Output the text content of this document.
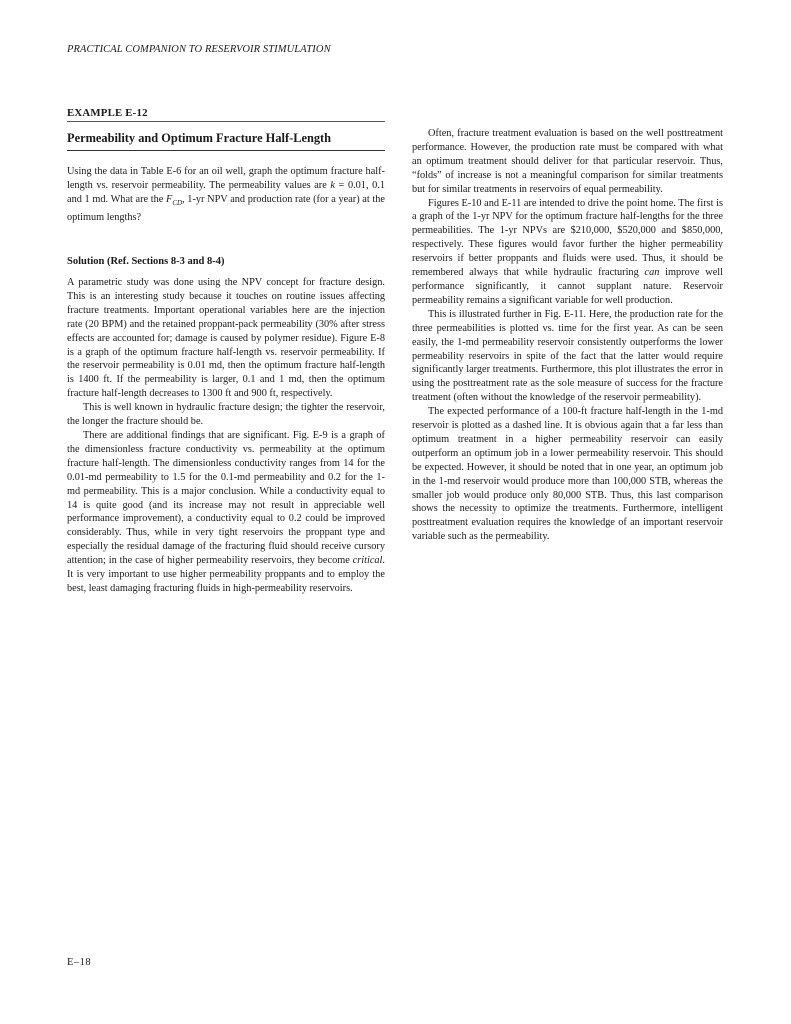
PRACTICAL COMPANION TO RESERVOIR STIMULATION
EXAMPLE E-12
Permeability and Optimum Fracture Half-Length
Using the data in Table E-6 for an oil well, graph the optimum fracture half-length vs. reservoir permeability. The permeability values are k = 0.01, 0.1 and 1 md. What are the $F_{CD}$, 1-yr NPV and production rate (for a year) at the optimum lengths?
Solution (Ref. Sections 8-3 and 8-4)

A parametric study was done using the NPV concept for fracture design. This is an interesting study because it touches on routine issues affecting fracture treatments. Important operational variables here are the injection rate (20 BPM) and the retained proppant-pack permeability (30% after stress effects are accounted for; damage is caused by polymer residue). Figure E-8 is a graph of the optimum fracture half-length vs. reservoir permeability. If the reservoir permeability is 0.01 md, then the optimum fracture half-length is 1400 ft. If the permeability is larger, 0.1 and 1 md, then the optimum fracture half-length decreases to 1300 ft and 900 ft, respectively.

This is well known in hydraulic fracture design; the tighter the reservoir, the longer the fracture should be.

There are additional findings that are significant. Fig. E-9 is a graph of the dimensionless fracture conductivity vs. permeability at the optimum fracture half-length. The dimensionless conductivity ranges from 14 for the 0.01-md permeability to 1.5 for the 0.1-md permeability and 0.2 for the 1-md permeability. This is a major conclusion. While a conductivity equal to 14 is quite good (and its increase may not result in appreciable well performance improvement), a conductivity equal to 0.2 could be improved considerably. Thus, while in very tight reservoirs the proppant type and especially the residual damage of the fracturing fluid should receive cursory attention; in the case of higher permeability reservoirs, they become critical. It is very important to use higher permeability proppants and to employ the best, least damaging fracturing fluids in high-permeability reservoirs.

Often, fracture treatment evaluation is based on the well posttreatment performance. However, the production rate must be compared with what an optimum treatment should deliver for that particular reservoir. Thus, “folds” of increase is not a meaningful comparison for similar treatments but for similar treatments in reservoirs of equal permeability.

Figures E-10 and E-11 are intended to drive the point home. The first is a graph of the 1-yr NPV for the optimum fracture half-lengths for the three permeabilities. The 1-yr NPVs are $210,000, $520,000 and $850,000, respectively. These figures would favor further the higher permeability reservoirs if better proppants and fluids were used. Thus, it should be remembered always that while hydraulic fracturing can improve well performance significantly, it cannot supplant nature. Reservoir permeability remains a significant variable for well production.

This is illustrated further in Fig. E-11. Here, the production rate for the three permeabilities is plotted vs. time for the first year. As can be seen easily, the 1-md permeability reservoir consistently outperforms the lower permeability reservoirs in spite of the fact that the latter would require significantly larger treatments. Furthermore, this plot illustrates the error in using the posttreatment rate as the sole measure of success for the fracture treatment (often without the knowledge of the reservoir permeability).

The expected performance of a 100-ft fracture half-length in the 1-md reservoir is plotted as a dashed line. It is obvious again that a far less than optimum treatment in a higher permeability reservoir can easily outperform an optimum job in a lower permeability reservoir. This should be expected. However, it should be noted that in one year, an optimum job in the 1-md reservoir would produce more than 100,000 STB, whereas the smaller job would produce only 80,000 STB. Thus, this last comparison shows the necessity to optimize the treatments. Furthermore, intelligent posttreatment evaluation requires the knowledge of an important reservoir variable such as the permeability.

E–18
